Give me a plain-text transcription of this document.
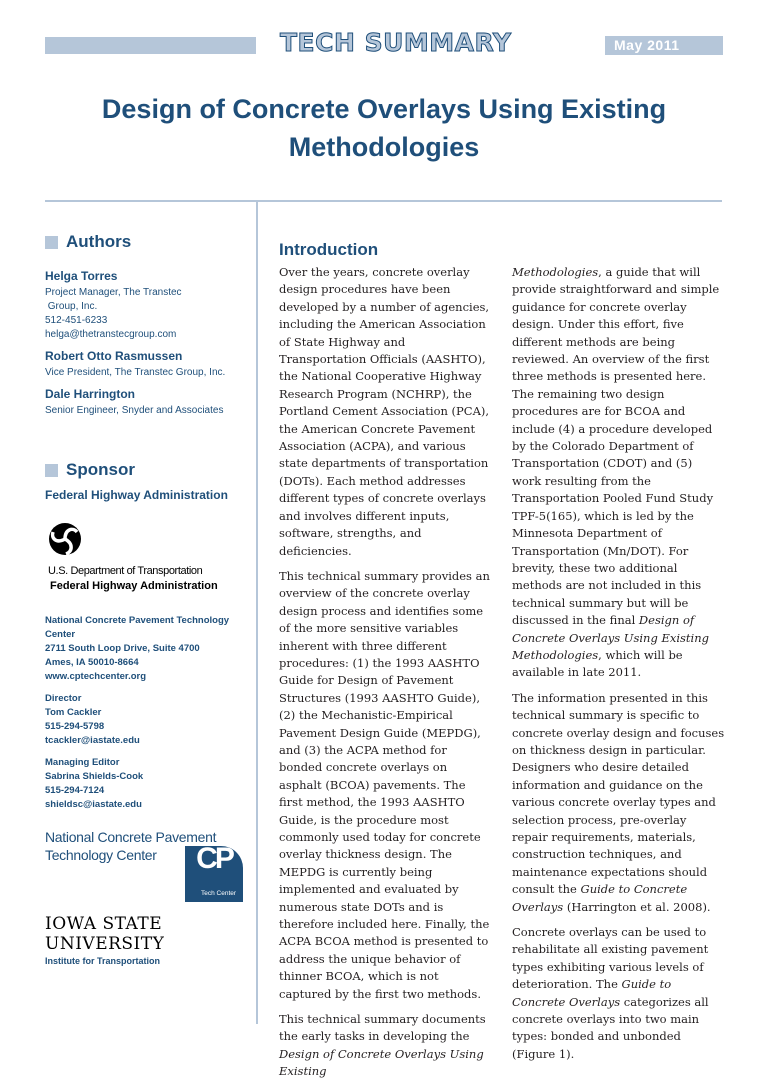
TECH SUMMARY	May 2011
Design of Concrete Overlays Using Existing Methodologies
Authors
Helga Torres
Project Manager, The Transtec
Group, Inc.
512-451-6233
helga@thetranstecgroup.com
Robert Otto Rasmussen
Vice President, The Transtec Group, Inc.
Dale Harrington
Senior Engineer, Snyder and Associates
Sponsor
Federal Highway Administration
U.S. Department of Transportation
Federal Highway Administration
National Concrete Pavement Technology
Center
2711 South Loop Drive, Suite 4700
Ames, IA 50010-8664
www.cptechcenter.org
Director
Tom Cackler
515-294-5798
tcackler@iastate.edu
Managing Editor
Sabrina Shields-Cook
515-294-7124
shieldsc@iastate.edu
National Concrete Pavement
Technology Center	CP
Tech Center
IOWA STATE UNIVERSITY
Institute for Transportation
Introduction

Over the years, concrete overlay design procedures have been developed by a number of agencies, including the American Association of State Highway and Transportation Officials (AASHTO), the National Cooperative Highway Research Program (NCHRP), the Portland Cement Association (PCA), the American Concrete Pavement Association (ACPA), and various state departments of transportation (DOTs). Each method addresses different types of concrete overlays and involves different inputs, software, strengths, and deficiencies.

This technical summary provides an overview of the concrete overlay design process and identifies some of the more sensitive variables inherent with three different procedures: (1) the 1993 AASHTO Guide for Design of Pavement Structures (1993 AASHTO Guide), (2) the Mechanistic-Empirical Pavement Design Guide (MEPDG), and (3) the ACPA method for bonded concrete overlays on asphalt (BCOA) pavements. The first method, the 1993 AASHTO Guide, is the procedure most commonly used today for concrete overlay thickness design. The MEPDG is currently being implemented and evaluated by numerous state DOTs and is therefore included here. Finally, the ACPA BCOA method is presented to address the unique behavior of thinner BCOA, which is not captured by the first two methods.

This technical summary documents the early tasks in developing the Design of Concrete Overlays Using Existing

Methodologies, a guide that will provide straightforward and simple guidance for concrete overlay design. Under this effort, five different methods are being reviewed. An overview of the first three methods is presented here. The remaining two design procedures are for BCOA and include (4) a procedure developed by the Colorado Department of Transportation (CDOT) and (5) work resulting from the Transportation Pooled Fund Study TPF-5(165), which is led by the Minnesota Department of Transportation (Mn/DOT). For brevity, these two additional methods are not included in this technical summary but will be discussed in the final Design of Concrete Overlays Using Existing Methodologies, which will be available in late 2011.

The information presented in this technical summary is specific to concrete overlay design and focuses on thickness design in particular. Designers who desire detailed information and guidance on the various concrete overlay types and selection process, pre-overlay repair requirements, materials, construction techniques, and maintenance expectations should consult the Guide to Concrete Overlays (Harrington et al. 2008).

Concrete overlays can be used to rehabilitate all existing pavement types exhibiting various levels of deterioration. The Guide to Concrete Overlays categorizes all concrete overlays into two main types: bonded and unbonded (Figure 1).
